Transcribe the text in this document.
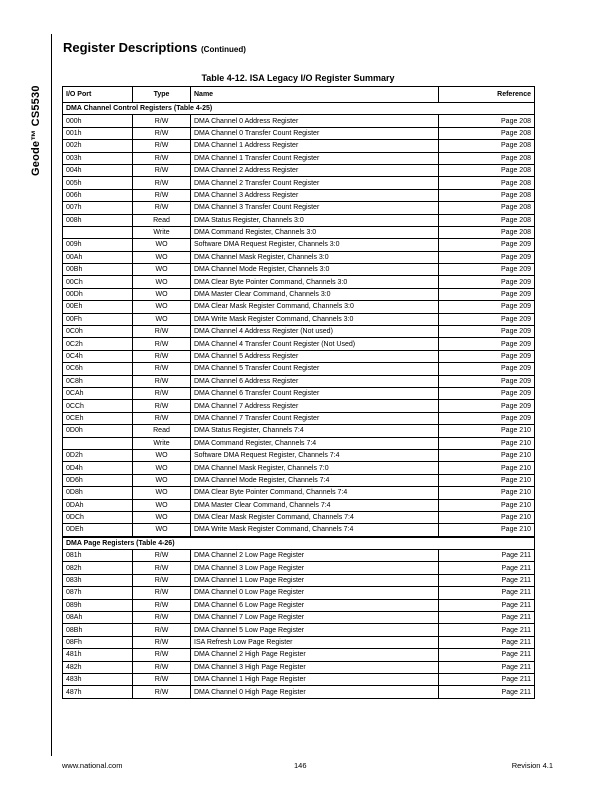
Geode™ CS5530
Register Descriptions (Continued)
Table 4-12. ISA Legacy I/O Register Summary
I/O Port	Type	Name	Reference
DMA Channel Control Registers (Table 4-25)			
000h	R/W	DMA Channel 0 Address Register	Page 208
001h	R/W	DMA Channel 0 Transfer Count Register	Page 208
002h	R/W	DMA Channel 1 Address Register	Page 208
003h	R/W	DMA Channel 1 Transfer Count Register	Page 208
004h	R/W	DMA Channel 2 Address Register	Page 208
005h	R/W	DMA Channel 2 Transfer Count Register	Page 208
006h	R/W	DMA Channel 3 Address Register	Page 208
007h	R/W	DMA Channel 3 Transfer Count Register	Page 208
008h	Read	DMA Status Register, Channels 3:0	Page 208
	Write	DMA Command Register, Channels 3:0	Page 208
009h	WO	Software DMA Request Register, Channels 3:0	Page 209
00Ah	WO	DMA Channel Mask Register, Channels 3:0	Page 209
00Bh	WO	DMA Channel Mode Register, Channels 3:0	Page 209
00Ch	WO	DMA Clear Byte Pointer Command, Channels 3:0	Page 209
00Dh	WO	DMA Master Clear Command, Channels 3:0	Page 209
00Eh	WO	DMA Clear Mask Register Command, Channels 3:0	Page 209
00Fh	WO	DMA Write Mask Register Command, Channels 3:0	Page 209
0C0h	R/W	DMA Channel 4 Address Register (Not used)	Page 209
0C2h	R/W	DMA Channel 4 Transfer Count Register (Not Used)	Page 209
0C4h	R/W	DMA Channel 5 Address Register	Page 209
0C6h	R/W	DMA Channel 5 Transfer Count Register	Page 209
0C8h	R/W	DMA Channel 6 Address Register	Page 209
0CAh	R/W	DMA Channel 6 Transfer Count Register	Page 209
0CCh	R/W	DMA Channel 7 Address Register	Page 209
0CEh	R/W	DMA Channel 7 Transfer Count Register	Page 209
0D0h	Read	DMA Status Register, Channels 7:4	Page 210
	Write	DMA Command Register, Channels 7:4	Page 210
0D2h	WO	Software DMA Request Register, Channels 7:4	Page 210
0D4h	WO	DMA Channel Mask Register, Channels 7:0	Page 210
0D6h	WO	DMA Channel Mode Register, Channels 7:4	Page 210
0D8h	WO	DMA Clear Byte Pointer Command, Channels 7:4	Page 210
0DAh	WO	DMA Master Clear Command, Channels 7:4	Page 210
0DCh	WO	DMA Clear Mask Register Command, Channels 7:4	Page 210
0DEh	WO	DMA Write Mask Register Command, Channels 7:4	Page 210
DMA Page Registers (Table 4-26)			
081h	R/W	DMA Channel 2 Low Page Register	Page 211
082h	R/W	DMA Channel 3 Low Page Register	Page 211
083h	R/W	DMA Channel 1 Low Page Register	Page 211
087h	R/W	DMA Channel 0 Low Page Register	Page 211
089h	R/W	DMA Channel 6 Low Page Register	Page 211
08Ah	R/W	DMA Channel 7 Low Page Register	Page 211
08Bh	R/W	DMA Channel 5 Low Page Register	Page 211
08Fh	R/W	ISA Refresh Low Page Register	Page 211
481h	R/W	DMA Channel 2 High Page Register	Page 211
482h	R/W	DMA Channel 3 High Page Register	Page 211
483h	R/W	DMA Channel 1 High Page Register	Page 211
487h	R/W	DMA Channel 0 High Page Register	Page 211
www.national.com	146	Revision 4.1
